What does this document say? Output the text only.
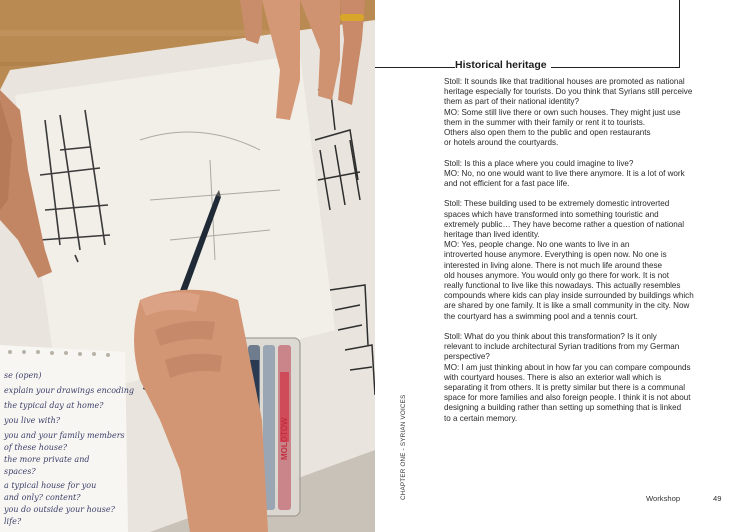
se (open)
explain your drawings encoding
the typical day at home?
you live with?
you and your family members
of these house?
the more private and
spaces?
a typical house for you
and only? content?
you do outside your house?
life?
MOLOTOW
Historical heritage
Stoll: It sounds like that traditional houses are promoted as national
heritage especially for tourists. Do you think that Syrians still perceive
them as part of their national identity?
MO: Some still live there or own such houses. They might just use
them in the summer with their family or rent it to tourists.
Others also open them to the public and open restaurants
or hotels around the courtyards.
Stoll: Is this a place where you could imagine to live?
MO: No, no one would want to live there anymore. It is a lot of work
and not efficient for a fast pace life.
Stoll: These building used to be extremely domestic introverted
spaces which have transformed into something touristic and
extremely public… They have become rather a question of national
heritage than lived identity.
MO: Yes, people change. No one wants to live in an
introverted house anymore. Everything is open now. No one is
interested in living alone. There is not much life around these
old houses anymore. You would only go there for work. It is not
really functional to live like this nowadays. This actually resembles
compounds where kids can play inside surrounded by buildings which
are shared by one family. It is like a small community in the city. Now
the courtyard has a swimming pool and a tennis court.
Stoll: What do you think about this transformation? Is it only
relevant to include architectural Syrian traditions from my German
perspective?
MO: I am just thinking about in how far you can compare compounds
with courtyard houses. There is also an exterior wall which is
separating it from others. It is pretty similar but there is a communal
space for more families and also foreign people. I think it is not about
designing a building rather than setting up something that is linked
to a certain memory.
CHAPTER ONE - SYRIAN VOICES	Workshop	49
